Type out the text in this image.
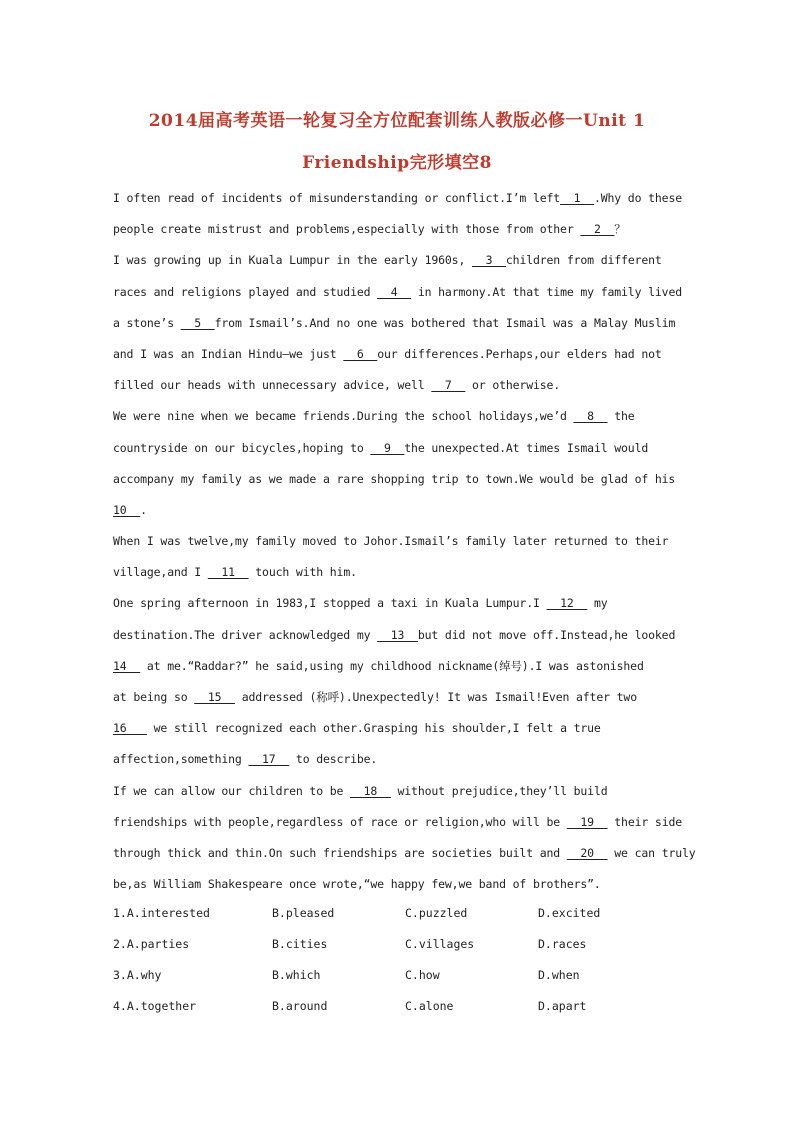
2014届高考英语一轮复习全方位配套训练人教版必修一Unit 1
Friendship完形填空8
I often read of incidents of misunderstanding or conflict.I’m left__1__.Why do these
people create mistrust and problems,especially with those from other __2__？
I was growing up in Kuala Lumpur in the early 1960s, __3__children from different
races and religions played and studied __4__ in harmony.At that time my family lived
a stone’s __5__from Ismail’s.And no one was bothered that Ismail was a Malay Muslim
and I was an Indian Hindu—we just __6__our differences.Perhaps,our elders had not
filled our heads with unnecessary advice, well __7__ or otherwise.
We were nine when we became friends.During the school holidays,we’d __8__ the
countryside on our bicycles,hoping to __9__the unexpected.At times Ismail would
accompany my family as we made a rare shopping trip to town.We would be glad of his
10__.
When I was twelve,my family moved to Johor.Ismail’s family later returned to their
village,and I __11__ touch with him.
One spring afternoon in 1983,I stopped a taxi in Kuala Lumpur.I __12__ my
destination.The driver acknowledged my __13__but did not move off.Instead,he looked
14__ at me.“Raddar?” he said,using my childhood nickname(绰号).I was astonished
at being so __15__ addressed (称呼).Unexpectedly! It was Ismail!Even after two
16___ we still recognized each other.Grasping his shoulder,I felt a true
affection,something __17__ to describe.
If we can allow our children to be __18__ without prejudice,they’ll build
friendships with people,regardless of race or religion,who will be __19__ their side
through thick and thin.On such friendships are societies built and __20__ we can truly
be,as William Shakespeare once wrote,“we happy few,we band of brothers”.
1.A.interested	B.pleased	C.puzzled	D.excited
2.A.parties	B.cities	C.villages	D.races
3.A.why	B.which	C.how	D.when
4.A.together	B.around	C.alone	D.apart
